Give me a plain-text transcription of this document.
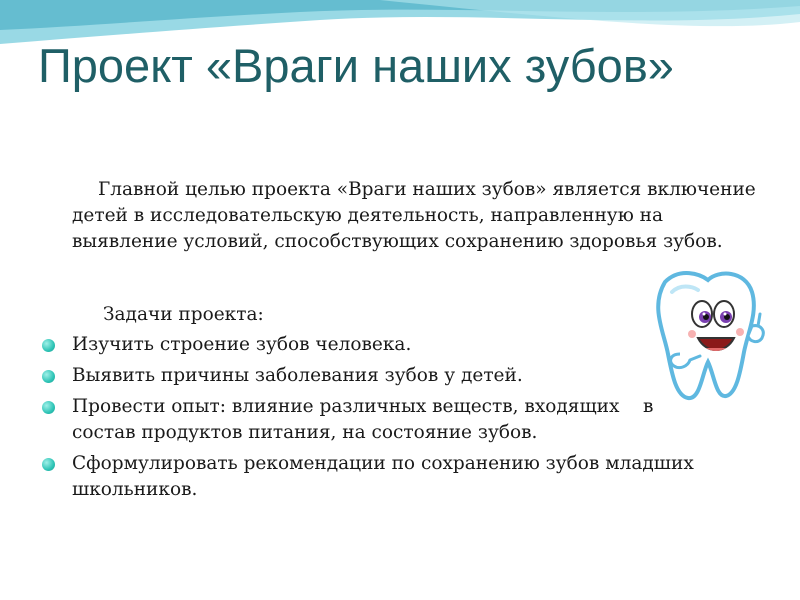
Проект «Враги наших зубов»
Главной целью проекта «Враги наших зубов» является включение детей в исследовательскую деятельность, направленную на выявление условий, способствующих сохранению здоровья зубов.
Задачи проекта:
Изучить строение зубов человека.
Выявить причины заболевания зубов у детей.
Провести опыт: влияние различных веществ, входящих    в состав продуктов питания, на состояние зубов.
Сформулировать рекомендации по сохранению зубов младших школьников.
